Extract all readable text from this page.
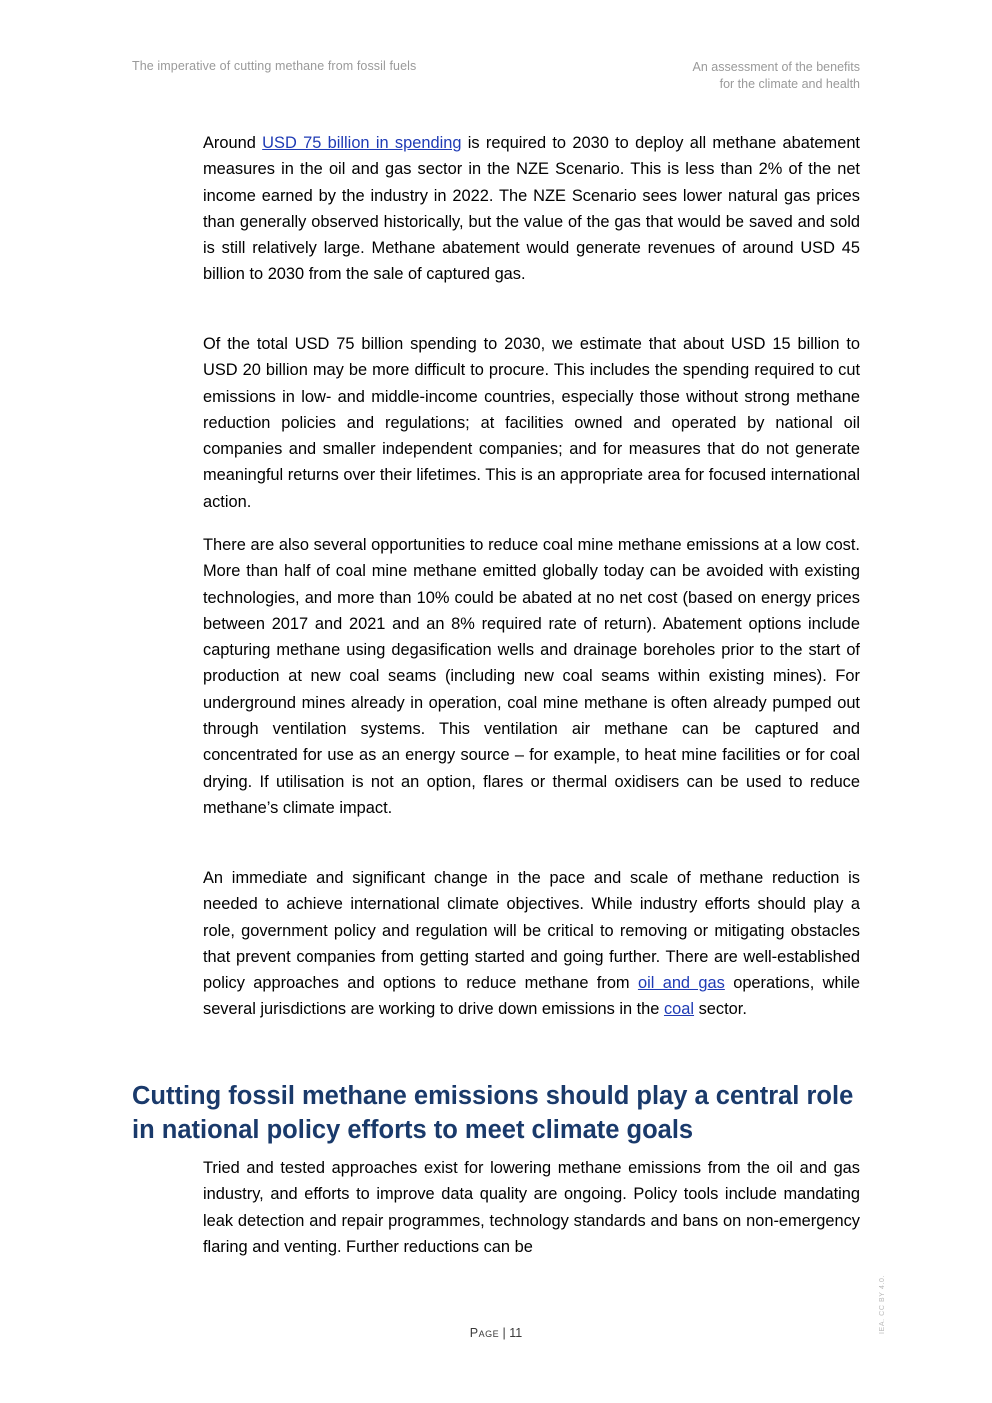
The imperative of cutting methane from fossil fuels	An assessment of the benefits
for the climate and health

Around USD 75 billion in spending is required to 2030 to deploy all methane abatement measures in the oil and gas sector in the NZE Scenario. This is less than 2% of the net income earned by the industry in 2022. The NZE Scenario sees lower natural gas prices than generally observed historically, but the value of the gas that would be saved and sold is still relatively large. Methane abatement would generate revenues of around USD 45 billion to 2030 from the sale of captured gas.

Of the total USD 75 billion spending to 2030, we estimate that about USD 15 billion to USD 20 billion may be more difficult to procure. This includes the spending required to cut emissions in low- and middle-income countries, especially those without strong methane reduction policies and regulations; at facilities owned and operated by national oil companies and smaller independent companies; and for measures that do not generate meaningful returns over their lifetimes. This is an appropriate area for focused international action.

There are also several opportunities to reduce coal mine methane emissions at a low cost. More than half of coal mine methane emitted globally today can be avoided with existing technologies, and more than 10% could be abated at no net cost (based on energy prices between 2017 and 2021 and an 8% required rate of return). Abatement options include capturing methane using degasification wells and drainage boreholes prior to the start of production at new coal seams (including new coal seams within existing mines). For underground mines already in operation, coal mine methane is often already pumped out through ventilation systems. This ventilation air methane can be captured and concentrated for use as an energy source – for example, to heat mine facilities or for coal drying. If utilisation is not an option, flares or thermal oxidisers can be used to reduce methane’s climate impact.

An immediate and significant change in the pace and scale of methane reduction is needed to achieve international climate objectives. While industry efforts should play a role, government policy and regulation will be critical to removing or mitigating obstacles that prevent companies from getting started and going further. There are well-established policy approaches and options to reduce methane from oil and gas operations, while several jurisdictions are working to drive down emissions in the coal sector.

Cutting fossil methane emissions should play a central role in national policy efforts to meet climate goals

Tried and tested approaches exist for lowering methane emissions from the oil and gas industry, and efforts to improve data quality are ongoing. Policy tools include mandating leak detection and repair programmes, technology standards and bans on non-emergency flaring and venting. Further reductions can be

Page | 11	IEA. CC BY 4.0.
